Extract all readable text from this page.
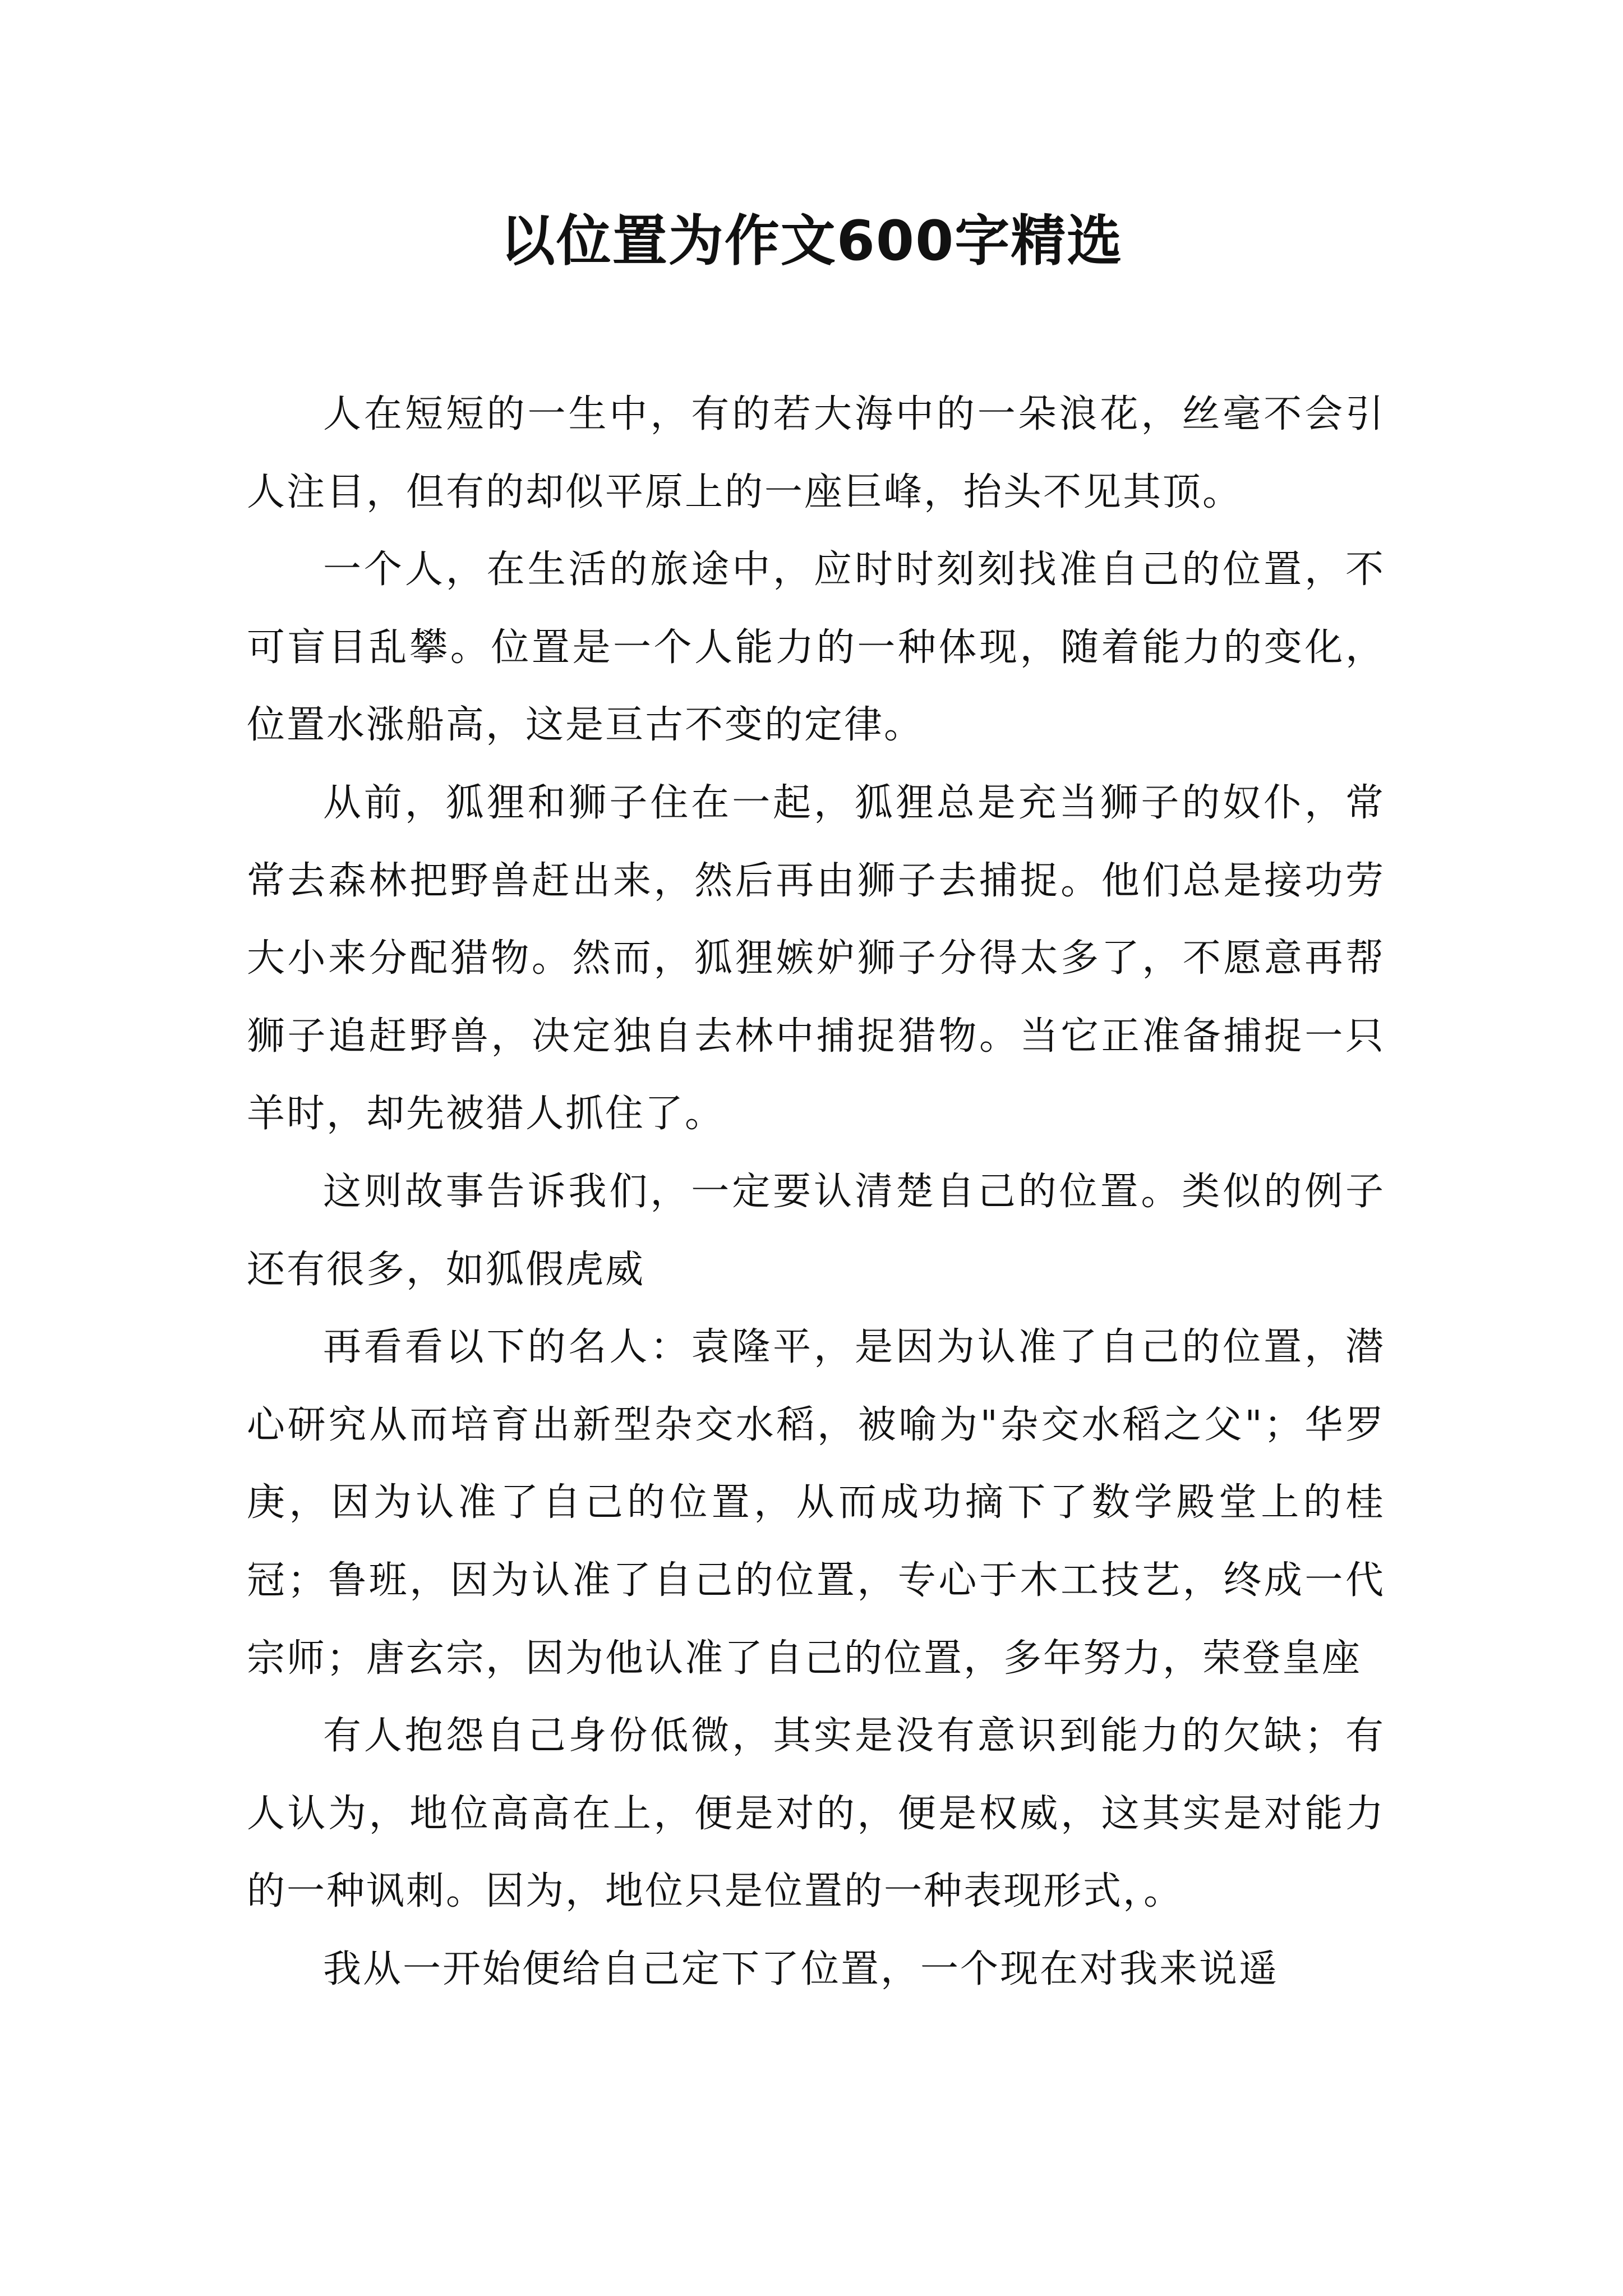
以位置为作文600字精选

人在短短的一生中，有的若大海中的一朵浪花，丝毫不会引人注目，但有的却似平原上的一座巨峰，抬头不见其顶。

一个人，在生活的旅途中，应时时刻刻找准自己的位置，不可盲目乱攀。位置是一个人能力的一种体现，随着能力的变化，位置水涨船高，这是亘古不变的定律。

从前，狐狸和狮子住在一起，狐狸总是充当狮子的奴仆，常常去森林把野兽赶出来，然后再由狮子去捕捉。他们总是接功劳大小来分配猎物。然而，狐狸嫉妒狮子分得太多了，不愿意再帮狮子追赶野兽，决定独自去林中捕捉猎物。当它正准备捕捉一只羊时，却先被猎人抓住了。

这则故事告诉我们，一定要认清楚自己的位置。类似的例子还有很多，如狐假虎威

再看看以下的名人：袁隆平，是因为认准了自己的位置，潜心研究从而培育出新型杂交水稻，被喻为"杂交水稻之父"；华罗庚，因为认准了自己的位置，从而成功摘下了数学殿堂上的桂冠；鲁班，因为认准了自己的位置，专心于木工技艺，终成一代宗师；唐玄宗，因为他认准了自己的位置，多年努力，荣登皇座

有人抱怨自己身份低微，其实是没有意识到能力的欠缺；有人认为，地位高高在上，便是对的，便是权威，这其实是对能力的一种讽刺。因为，地位只是位置的一种表现形式，。

我从一开始便给自己定下了位置，一个现在对我来说遥
